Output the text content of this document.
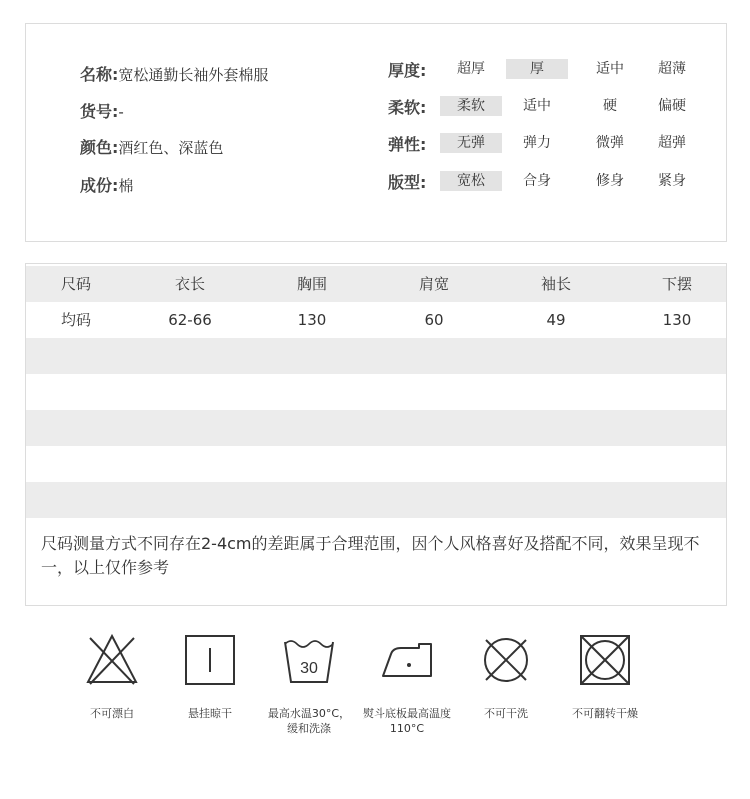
名称:宽松通勤长袖外套棉服
货号:-
颜色:酒红色、深蓝色
成份:棉
厚度:	超厚	厚	适中	超薄
柔软:	柔软	适中	硬	偏硬
弹性:	无弹	弹力	微弹	超弹
版型:	宽松	合身	修身	紧身
尺码	衣长	胸围	肩宽	袖长	下摆
均码	62-66	130	60	49	130
尺码测量方式不同存在2-4cm的差距属于合理范围，因个人风格喜好及搭配不同，效果呈现不一，以上仅作参考
不可漂白	悬挂晾干
30
最高水温30°C，缓和洗涤
熨斗底板最高温度110°C
不可干洗	不可翻转干燥
